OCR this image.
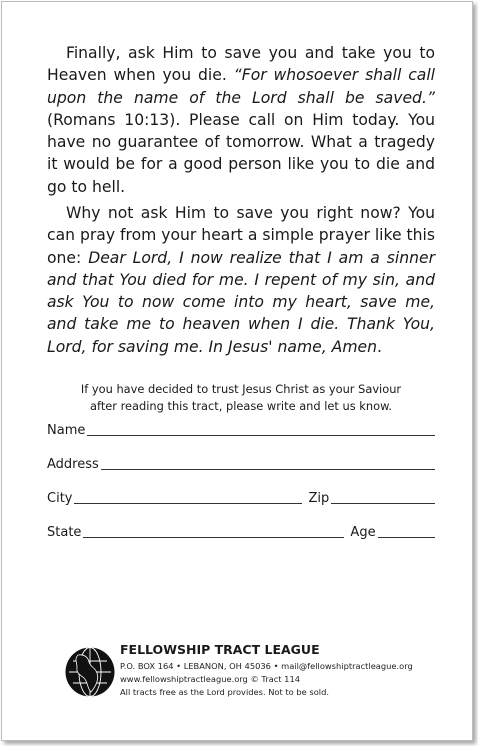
Finally, ask Him to save you and take you to Heaven when you die. “For whosoever shall call upon the name of the Lord shall be saved.” (Romans 10:13). Please call on Him today. You have no guarantee of tomorrow. What a tragedy it would be for a good person like you to die and go to hell.
Why not ask Him to save you right now? You can pray from your heart a simple prayer like this one: Dear Lord, I now realize that I am a sinner and that You died for me. I repent of my sin, and ask You to now come into my heart, save me, and take me to heaven when I die. Thank You, Lord, for saving me. In Jesus' name, Amen.
If you have decided to trust Jesus Christ as your Saviour
after reading this tract, please write and let us know.
Name
Address
City	Zip
State	Age
FELLOWSHIP TRACT LEAGUE
P.O. BOX 164 • LEBANON, OH 45036 • mail@fellowshiptractleague.org
www.fellowshiptractleague.org © Tract 114
All tracts free as the Lord provides. Not to be sold.
